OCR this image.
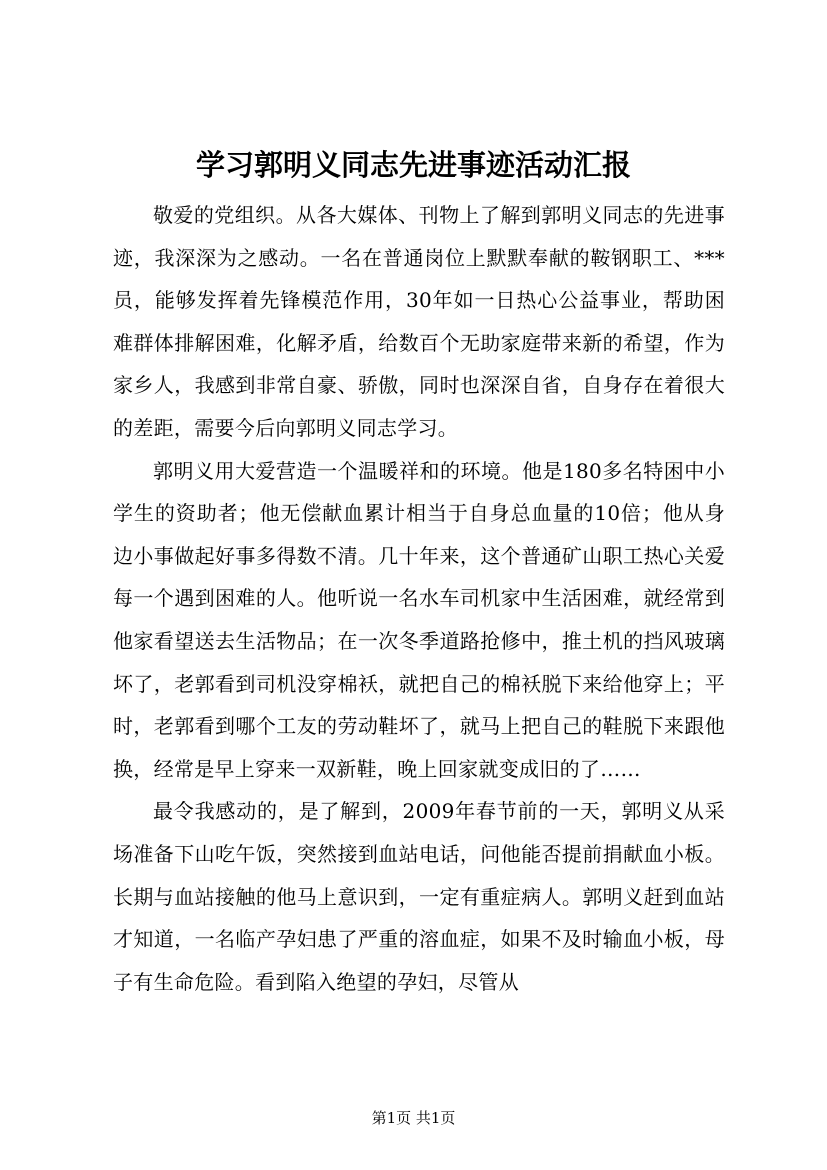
学习郭明义同志先进事迹活动汇报

敬爱的党组织。从各大媒体、刊物上了解到郭明义同志的先进事迹，我深深为之感动。一名在普通岗位上默默奉献的鞍钢职工、***员，能够发挥着先锋模范作用，30年如一日热心公益事业，帮助困难群体排解困难，化解矛盾，给数百个无助家庭带来新的希望，作为家乡人，我感到非常自豪、骄傲，同时也深深自省，自身存在着很大的差距，需要今后向郭明义同志学习。

郭明义用大爱营造一个温暖祥和的环境。他是180多名特困中小学生的资助者；他无偿献血累计相当于自身总血量的10倍；他从身边小事做起好事多得数不清。几十年来，这个普通矿山职工热心关爱每一个遇到困难的人。他听说一名水车司机家中生活困难，就经常到他家看望送去生活物品；在一次冬季道路抢修中，推土机的挡风玻璃坏了，老郭看到司机没穿棉袄，就把自己的棉袄脱下来给他穿上；平时，老郭看到哪个工友的劳动鞋坏了，就马上把自己的鞋脱下来跟他换，经常是早上穿来一双新鞋，晚上回家就变成旧的了……

最令我感动的，是了解到，2009年春节前的一天，郭明义从采场准备下山吃午饭，突然接到血站电话，问他能否提前捐献血小板。长期与血站接触的他马上意识到，一定有重症病人。郭明义赶到血站才知道，一名临产孕妇患了严重的溶血症，如果不及时输血小板，母子有生命危险。看到陷入绝望的孕妇，尽管从

第1页 共1页
